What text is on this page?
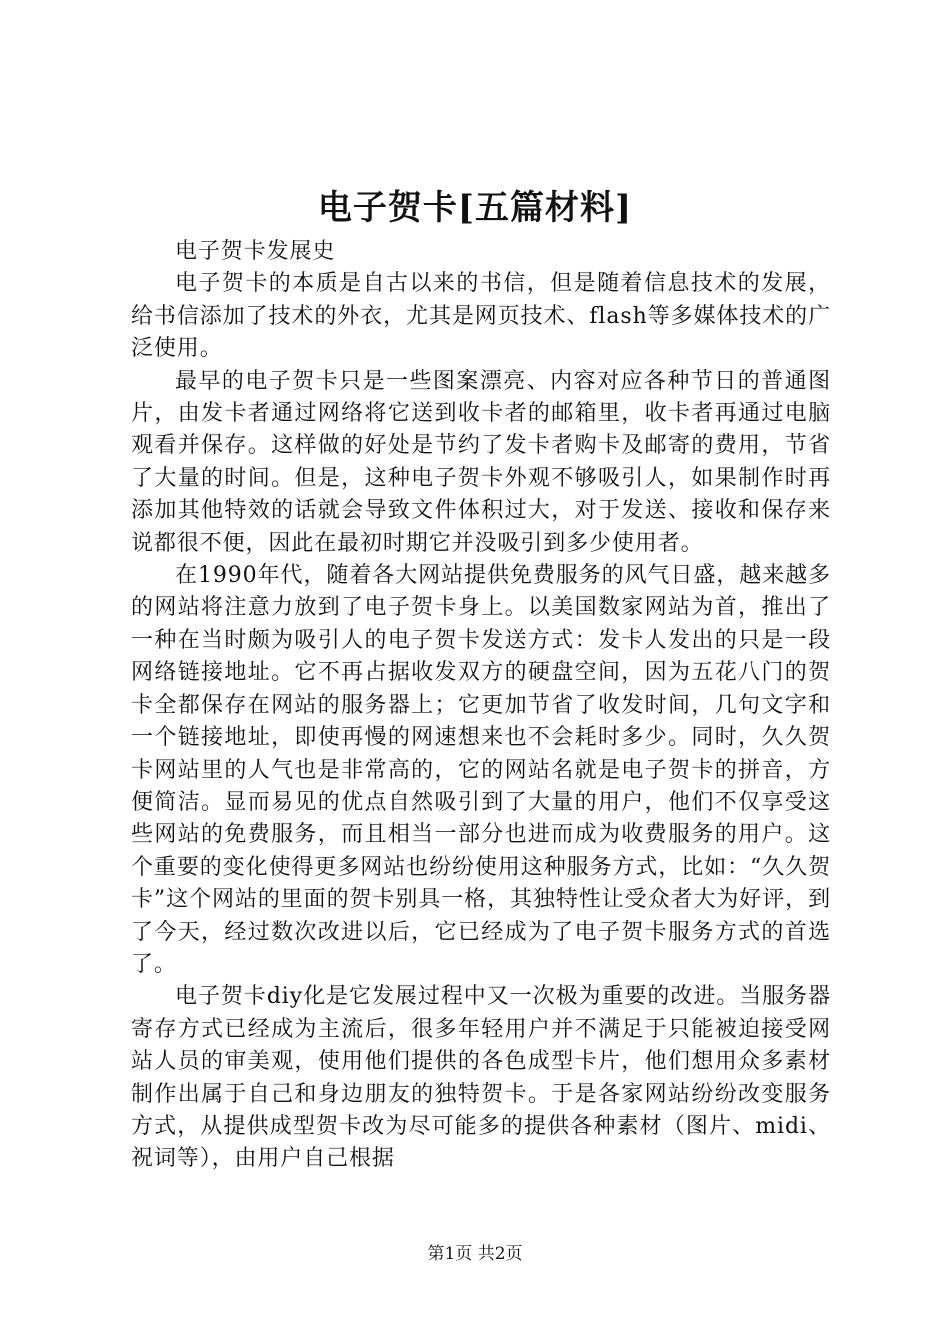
电子贺卡[五篇材料]

电子贺卡发展史

电子贺卡的本质是自古以来的书信，但是随着信息技术的发展，给书信添加了技术的外衣，尤其是网页技术、flash等多媒体技术的广泛使用。

最早的电子贺卡只是一些图案漂亮、内容对应各种节日的普通图片，由发卡者通过网络将它送到收卡者的邮箱里，收卡者再通过电脑观看并保存。这样做的好处是节约了发卡者购卡及邮寄的费用，节省了大量的时间。但是，这种电子贺卡外观不够吸引人，如果制作时再添加其他特效的话就会导致文件体积过大，对于发送、接收和保存来说都很不便，因此在最初时期它并没吸引到多少使用者。

在1990年代，随着各大网站提供免费服务的风气日盛，越来越多的网站将注意力放到了电子贺卡身上。以美国数家网站为首，推出了一种在当时颇为吸引人的电子贺卡发送方式：发卡人发出的只是一段网络链接地址。它不再占据收发双方的硬盘空间，因为五花八门的贺卡全都保存在网站的服务器上；它更加节省了收发时间，几句文字和一个链接地址，即使再慢的网速想来也不会耗时多少。同时，久久贺卡网站里的人气也是非常高的，它的网站名就是电子贺卡的拼音，方便简洁。显而易见的优点自然吸引到了大量的用户，他们不仅享受这些网站的免费服务，而且相当一部分也进而成为收费服务的用户。这个重要的变化使得更多网站也纷纷使用这种服务方式，比如：“久久贺卡”这个网站的里面的贺卡别具一格，其独特性让受众者大为好评，到了今天，经过数次改进以后，它已经成为了电子贺卡服务方式的首选了。

电子贺卡diy化是它发展过程中又一次极为重要的改进。当服务器寄存方式已经成为主流后，很多年轻用户并不满足于只能被迫接受网站人员的审美观，使用他们提供的各色成型卡片，他们想用众多素材制作出属于自己和身边朋友的独特贺卡。于是各家网站纷纷改变服务方式，从提供成型贺卡改为尽可能多的提供各种素材（图片、midi、祝词等），由用户自己根据

第1页 共2页
